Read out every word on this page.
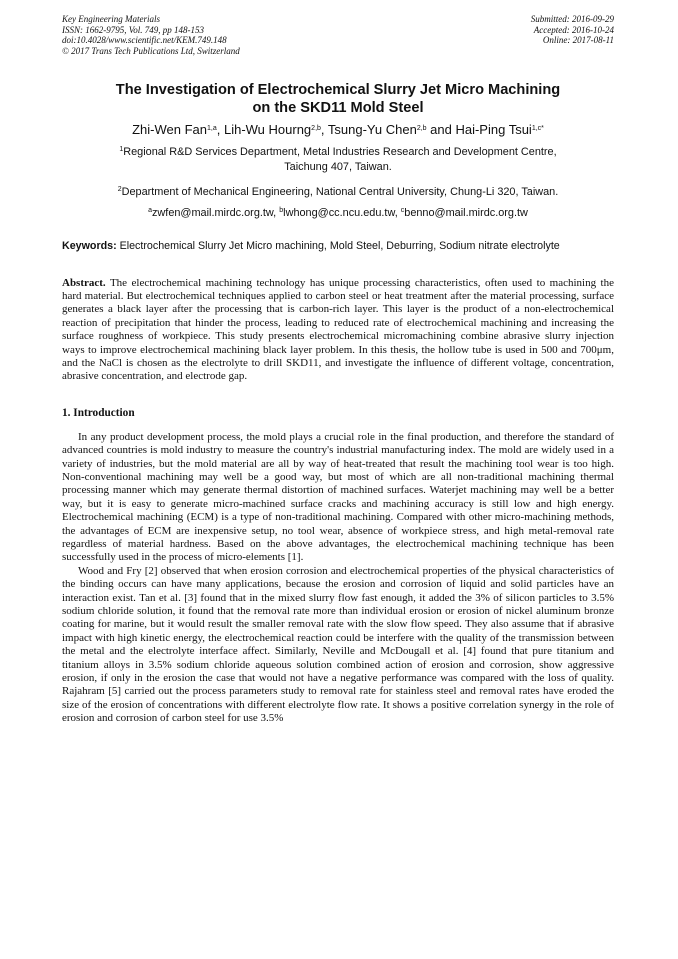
Key Engineering Materials
ISSN: 1662-9795, Vol. 749, pp 148-153
doi:10.4028/www.scientific.net/KEM.749.148
© 2017 Trans Tech Publications Ltd, Switzerland
Submitted: 2016-09-29
Accepted: 2016-10-24
Online: 2017-08-11
The Investigation of Electrochemical Slurry Jet Micro Machining
on the SKD11 Mold Steel
Zhi-Wen Fan$^{1,a}$, Lih-Wu Hourng$^{2,b}$, Tsung-Yu Chen$^{2,b}$ and Hai-Ping Tsui$^{1,c*}$
$^1$Regional R&D Services Department, Metal Industries Research and Development Centre,
Taichung 407, Taiwan.
$^2$Department of Mechanical Engineering, National Central University, Chung-Li 320, Taiwan.
$^a$zwfen@mail.mirdc.org.tw, $^b$lwhong@cc.ncu.edu.tw, $^c$benno@mail.mirdc.org.tw
Keywords: Electrochemical Slurry Jet Micro machining, Mold Steel, Deburring, Sodium nitrate electrolyte
Abstract. The electrochemical machining technology has unique processing characteristics, often used to machining the hard material. But electrochemical techniques applied to carbon steel or heat treatment after the material processing, surface generates a black layer after the processing that is carbon-rich layer. This layer is the product of a non-electrochemical reaction of precipitation that hinder the process, leading to reduced rate of electrochemical machining and increasing the surface roughness of workpiece. This study presents electrochemical micromachining combine abrasive slurry injection ways to improve electrochemical machining black layer problem. In this thesis, the hollow tube is used in 500 and 700μm, and the NaCl is chosen as the electrolyte to drill SKD11, and investigate the influence of different voltage, concentration, abrasive concentration, and electrode gap.
1. Introduction
In any product development process, the mold plays a crucial role in the final production, and therefore the standard of advanced countries is mold industry to measure the country's industrial manufacturing index. The mold are widely used in a variety of industries, but the mold material are all by way of heat-treated that result the machining tool wear is too high. Non-conventional machining may well be a good way, but most of which are all non-traditional machining thermal processing manner which may generate thermal distortion of machined surfaces. Waterjet machining may well be a better way, but it is easy to generate micro-machined surface cracks and machining accuracy is still low and high energy. Electrochemical machining (ECM) is a type of non-traditional machining. Compared with other micro-machining methods, the advantages of ECM are inexpensive setup, no tool wear, absence of workpiece stress, and high metal-removal rate regardless of material hardness. Based on the above advantages, the electrochemical machining technique has been successfully used in the process of micro-elements [1].
Wood and Fry [2] observed that when erosion corrosion and electrochemical properties of the physical characteristics of the binding occurs can have many applications, because the erosion and corrosion of liquid and solid particles have an interaction exist. Tan et al. [3] found that in the mixed slurry flow fast enough, it added the 3% of silicon particles to 3.5% sodium chloride solution, it found that the removal rate more than individual erosion or erosion of nickel aluminum bronze coating for marine, but it would result the smaller removal rate with the slow flow speed. They also assume that if abrasive impact with high kinetic energy, the electrochemical reaction could be interfere with the quality of the transmission between the metal and the electrolyte interface affect. Similarly, Neville and McDougall et al. [4] found that pure titanium and titanium alloys in 3.5% sodium chloride aqueous solution combined action of erosion and corrosion, show aggressive erosion, if only in the erosion the case that would not have a negative performance was compared with the loss of quality. Rajahram [5] carried out the process parameters study to removal rate for stainless steel and removal rates have eroded the size of the erosion of concentrations with different electrolyte flow rate. It shows a positive correlation synergy in the role of erosion and corrosion of carbon steel for use 3.5%
